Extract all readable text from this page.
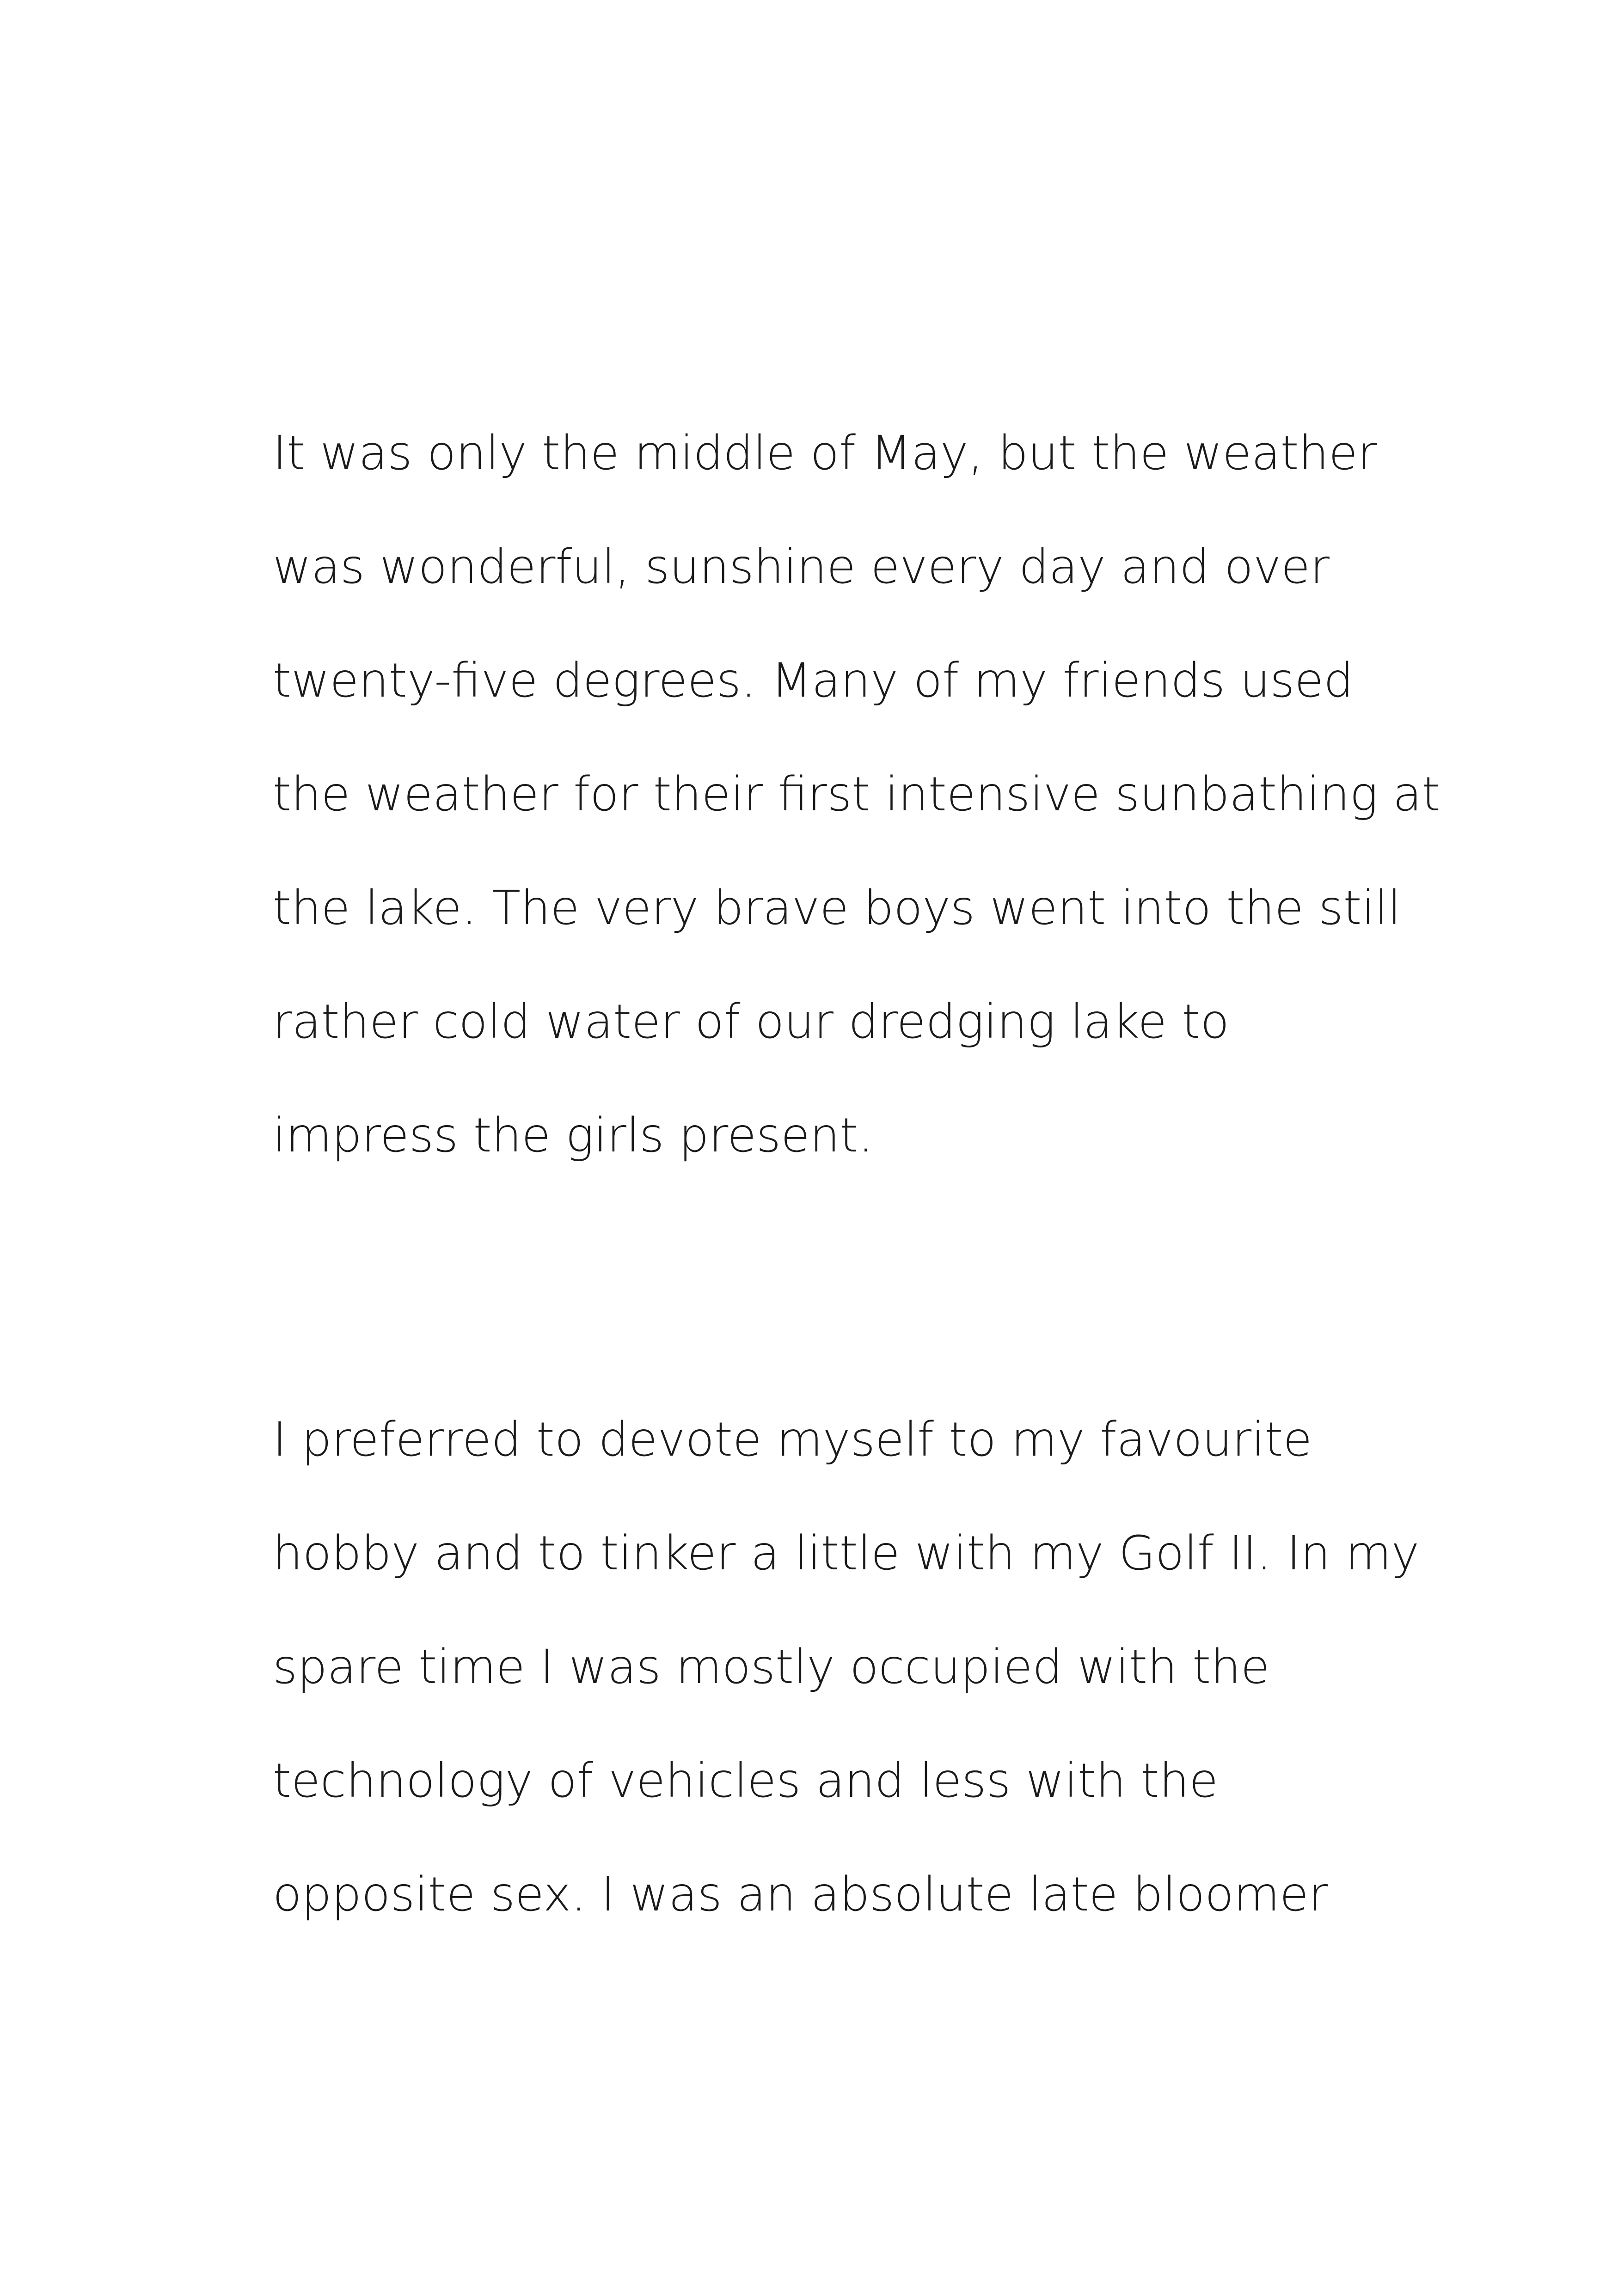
It was only the middle of May, but the weather
was wonderful, sunshine every day and over
twenty-five degrees. Many of my friends used
the weather for their first intensive sunbathing at
the lake. The very brave boys went into the still
rather cold water of our dredging lake to
impress the girls present.
I preferred to devote myself to my favourite
hobby and to tinker a little with my Golf II. In my
spare time I was mostly occupied with the
technology of vehicles and less with the
opposite sex. I was an absolute late bloomer
